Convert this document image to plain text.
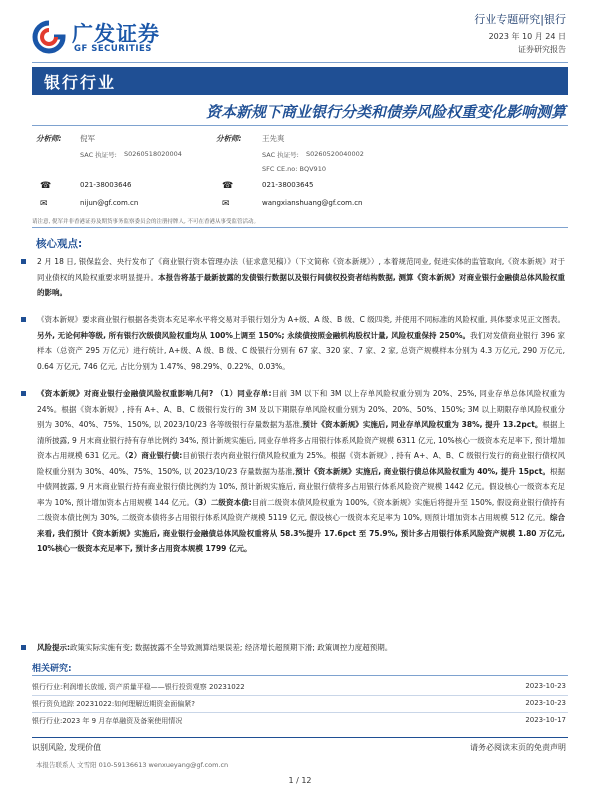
广发证券
GF SECURITIES
行业专题研究|银行
2023 年 10 月 24 日
证券研究报告
银行行业
资本新规下商业银行分类和债券风险权重变化影响测算
分析师: 倪军
SAC 执证号: S0260518020004
☎	021-38003646
✉	nijun@gf.com.cn
分析师:	王先爽
SAC 执证号: S0260520040002
SFC CE.no: BQV910
☎	021-38003645
✉	wangxianshuang@gf.com.cn
请注意, 倪军并非香港证券及期货事务监察委员会的注册持牌人, 不可在香港从事受监管活动。
核心观点:
2 月 18 日, 银保监会、央行发布了《商业银行资本管理办法（征求意见稿）》（下文简称《资本新规》）, 本着规范同业, 促进实体的监管取向,《资本新规》对于同业债权的风险权重要求明显提升。本报告将基于最新披露的发债银行数据以及银行间债权投资者结构数据, 测算《资本新规》对商业银行金融债总体风险权重的影响。
《资本新规》要求商业银行根据各类资本充足率水平将交易对手银行划分为 A+级、A 级、B 级、C 级四类, 并使用不同标准的风险权重, 具体要求见正文图表。另外, 无论何种等级, 所有银行次级债风险权重均从 100%上调至 150%; 永续债按照金融机构股权计量, 风险权重保持 250%。我们对发债商业银行 396 家样本（总资产 295 万亿元）进行统计, A+级、A 级、B 级、C 级银行分别有 67 家、320 家、7 家、2 家, 总资产规模样本分别为 4.3 万亿元, 290 万亿元, 0.64 万亿元, 746 亿元, 占比分别为 1.47%、98.29%、0.22%、0.03%。
《资本新规》对商业银行金融债风险权重影响几何? （1）同业存单:目前 3M 以下和 3M 以上存单风险权重分别为 20%、25%, 同业存单总体风险权重为 24%。根据《资本新规》, 持有 A+、A、B、C 级银行发行的 3M 及以下期限存单风险权重分别为 20%、20%、50%、150%; 3M 以上期限存单风险权重分别为 30%、40%、75%、150%, 以 2023/10/23 各等级银行存量数据为基准,预计《资本新规》实施后, 同业存单风险权重为 38%, 提升 13.2pct。根据上清所披露, 9 月末商业银行持有存单比例约 34%, 预计新规实施后, 同业存单将多占用银行体系风险资产规模 6311 亿元, 10%核心一级资本充足率下, 预计增加资本占用规模 631 亿元。（2）商业银行债:目前银行表内商业银行债风险权重为 25%。根据《资本新规》, 持有 A+、A、B、C 级银行发行的商业银行债权风险权重分别为 30%、40%、75%、150%, 以 2023/10/23 存量数据为基准,预计《资本新规》实施后, 商业银行债总体风险权重为 40%, 提升 15pct。根据中债网披露, 9 月末商业银行持有商业银行债比例约为 10%, 预计新规实施后, 商业银行债将多占用银行体系风险资产规模 1442 亿元。假设核心一级资本充足率为 10%, 预计增加资本占用规模 144 亿元。（3）二级资本债:目前二级资本债风险权重为 100%,《资本新规》实施后将提升至 150%, 假设商业银行债持有二级资本债比例为 30%, 二级资本债将多占用银行体系风险资产规模 5119 亿元, 假设核心一级资本充足率为 10%, 则预计增加资本占用规模 512 亿元。综合来看, 我们预计《资本新规》实施后, 商业银行金融债总体风险权重将从 58.3%提升 17.6pct 至 75.9%, 预计多占用银行体系风险资产规模 1.80 万亿元, 10%核心一级资本充足率下, 预计多占用资本规模 1799 亿元。
风险提示:政策实际实施有变; 数据披露不全导致测算结果误差; 经济增长超预期下滑; 政策调控力度超预期。
相关研究:
银行行业:利润增长放缓, 资产质量平稳——银行投资观察 20231022	2023-10-23
银行资负追踪 20231022:如何理解近期资金面偏紧?	2023-10-23
银行行业:2023 年 9 月存单融资及备案使用情况	2023-10-17
识别风险, 发现价值	请务必阅读末页的免责声明
本报告联系人 文雪阳 010-59136613 wenxueyang@gf.com.cn
1 / 12
